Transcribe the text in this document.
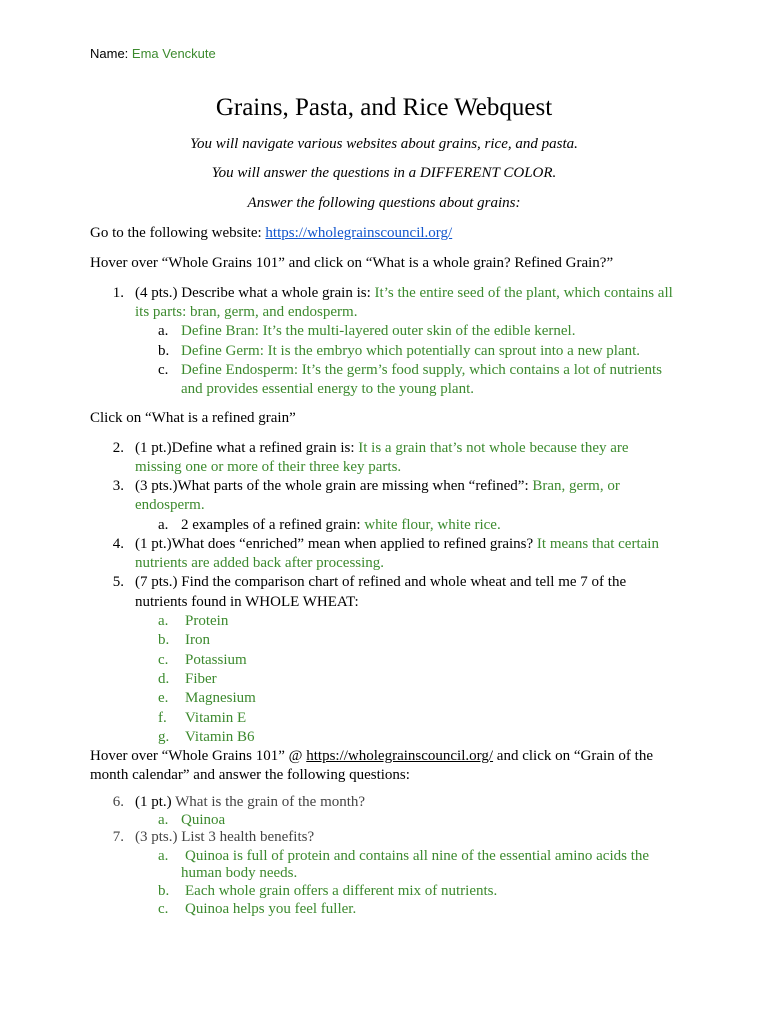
Name: Ema Venckute
Grains, Pasta, and Rice Webquest
You will navigate various websites about grains, rice, and pasta.
You will answer the questions in a DIFFERENT COLOR.
Answer the following questions about grains:
Go to the following website: https://wholegrainscouncil.org/
Hover over “Whole Grains 101” and click on “What is a whole grain? Refined Grain?”
1. (4 pts.) Describe what a whole grain is: It’s the entire seed of the plant, which contains all
its parts: bran, germ, and endosperm.
a. Define Bran: It’s the multi-layered outer skin of the edible kernel.
b. Define Germ: It is the embryo which potentially can sprout into a new plant.
c. Define Endosperm: It’s the germ’s food supply, which contains a lot of nutrients
and provides essential energy to the young plant.
Click on “What is a refined grain”
2. (1 pt.)Define what a refined grain is: It is a grain that’s not whole because they are
missing one or more of their three key parts.
3. (3 pts.)What parts of the whole grain are missing when “refined”: Bran, germ, or
endosperm.
a. 2 examples of a refined grain: white flour, white rice.
4. (1 pt.)What does “enriched” mean when applied to refined grains? It means that certain
nutrients are added back after processing.
5. (7 pts.) Find the comparison chart of refined and whole wheat and tell me 7 of the
nutrients found in WHOLE WHEAT:
a. Protein
b. Iron
c. Potassium
d. Fiber
e. Magnesium
f. Vitamin E
g. Vitamin B6
Hover over “Whole Grains 101” @ https://wholegrainscouncil.org/ and click on “Grain of the
month calendar” and answer the following questions:
6. (1 pt.) What is the grain of the month?
a. Quinoa
7. (3 pts.) List 3 health benefits?
a. Quinoa is full of protein and contains all nine of the essential amino acids the
human body needs.
b. Each whole grain offers a different mix of nutrients.
c. Quinoa helps you feel fuller.
